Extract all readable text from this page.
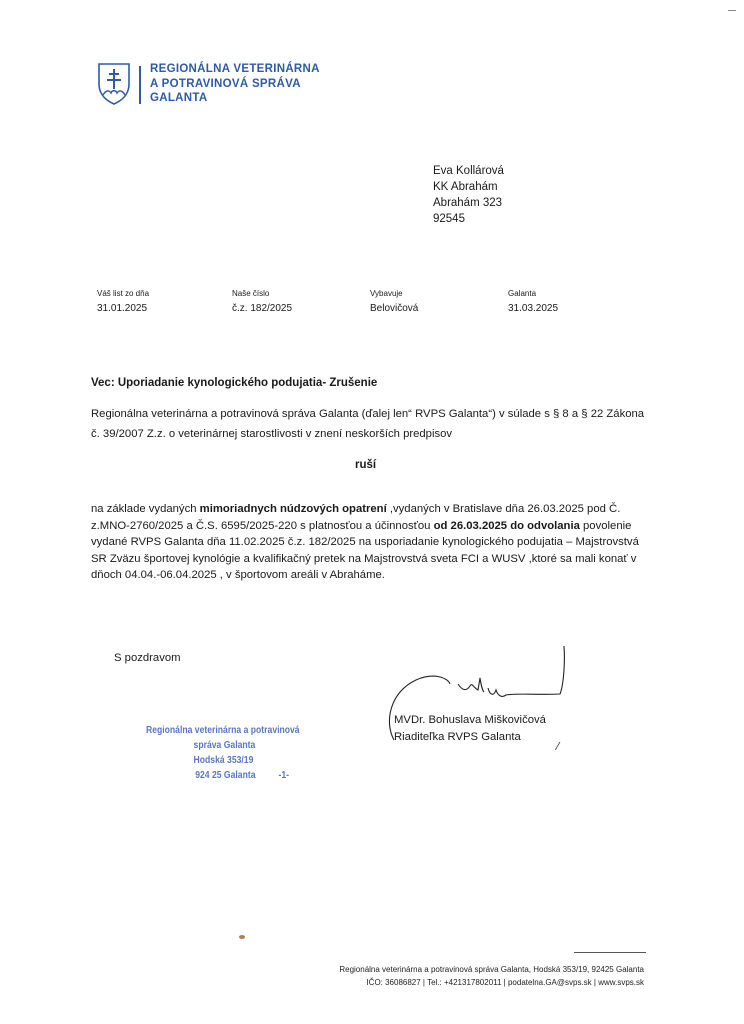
REGIONÁLNA VETERINÁRNA
A POTRAVINOVÁ SPRÁVA
GALANTA
Eva Kollárová
KK Abrahám
Abrahám 323
92545
Váš list zo dňa
31.01.2025
Naše číslo
č.z. 182/2025
Vybavuje
Belovičová
Galanta
31.03.2025
Vec: Uporiadanie kynologického podujatia- Zrušenie
Regionálna veterinárna a potravinová správa Galanta (ďalej len“ RVPS Galanta“) v súlade s § 8 a § 22 Zákona č. 39/2007 Z.z. o veterinárnej starostlivosti v znení neskorších predpisov
ruší
na základe vydaných mimoriadnych núdzových opatrení ,vydaných v Bratislave dňa 26.03.2025 pod Č. z.MNO-2760/2025 a Č.S. 6595/2025-220 s platnosťou a účinnosťou od 26.03.2025 do odvolania povolenie vydané RVPS Galanta dňa 11.02.2025 č.z. 182/2025 na usporiadanie kynologického podujatia – Majstrovstvá SR Zväzu športovej kynológie a kvalifikačný pretek na Majstrovstvá sveta FCI a WUSV ,ktoré sa mali konať v dňoch 04.04.-06.04.2025 , v športovom areáli v Abraháme.
S pozdravom
MVDr. Bohuslava Miškovičová
Riaditeľka RVPS Galanta
Regionálna veterinárna a potravinová
správa Galanta
Hodská 353/19
924 25 Galanta -1-
Regionálna veterinárna a potravinová správa Galanta, Hodská 353/19, 92425 Galanta
IČO: 36086827 | Tel.: +421317802011 | podatelna.GA@svps.sk | www.svps.sk
